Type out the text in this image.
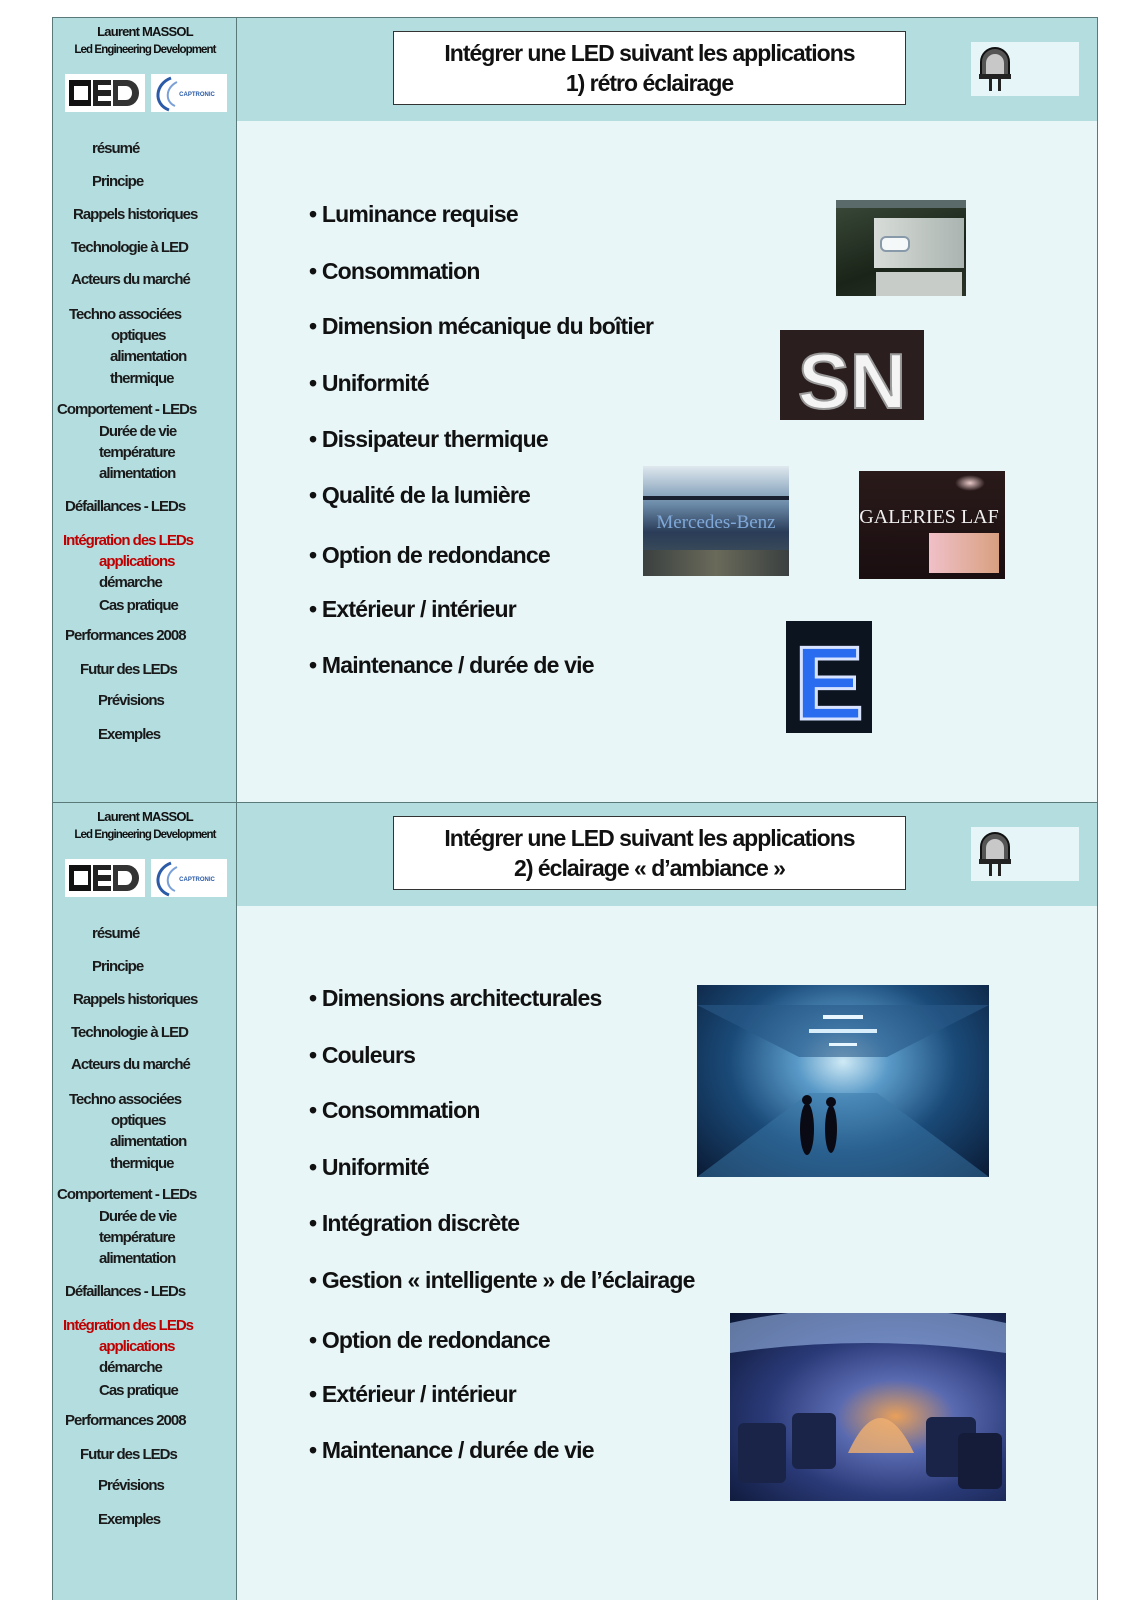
Laurent MASSOL
Led Engineering Development
CAPTRONIC
Intégrer une LED suivant les applications
1) rétro éclairage
résumé
Principe
Rappels historiques
Technologie à LED
Acteurs du marché
Techno associées
optiques
alimentation
thermique
Comportement - LEDs
Durée de vie
température
alimentation
Défaillances - LEDs
Intégration des LEDs
applications
démarche
Cas pratique
Performances 2008
Futur des LEDs
Prévisions
Exemples
• Luminance requise
• Consommation
• Dimension mécanique du boîtier
• Uniformité
• Dissipateur thermique
• Qualité de la lumière
• Option de redondance
• Extérieur / intérieur
• Maintenance / durée de vie
SN
Mercedes-Benz	GALERIES LAF
E
Laurent MASSOL
Led Engineering Development
CAPTRONIC
Intégrer une LED suivant les applications
2) éclairage « d’ambiance »
résumé
Principe
Rappels historiques
Technologie à LED
Acteurs du marché
Techno associées
optiques
alimentation
thermique
Comportement - LEDs
Durée de vie
température
alimentation
Défaillances - LEDs
Intégration des LEDs
applications
démarche
Cas pratique
Performances 2008
Futur des LEDs
Prévisions
Exemples
• Dimensions architecturales
• Couleurs
• Consommation
• Uniformité
• Intégration discrète
• Gestion « intelligente » de l’éclairage
• Option de redondance
• Extérieur / intérieur
• Maintenance / durée de vie
